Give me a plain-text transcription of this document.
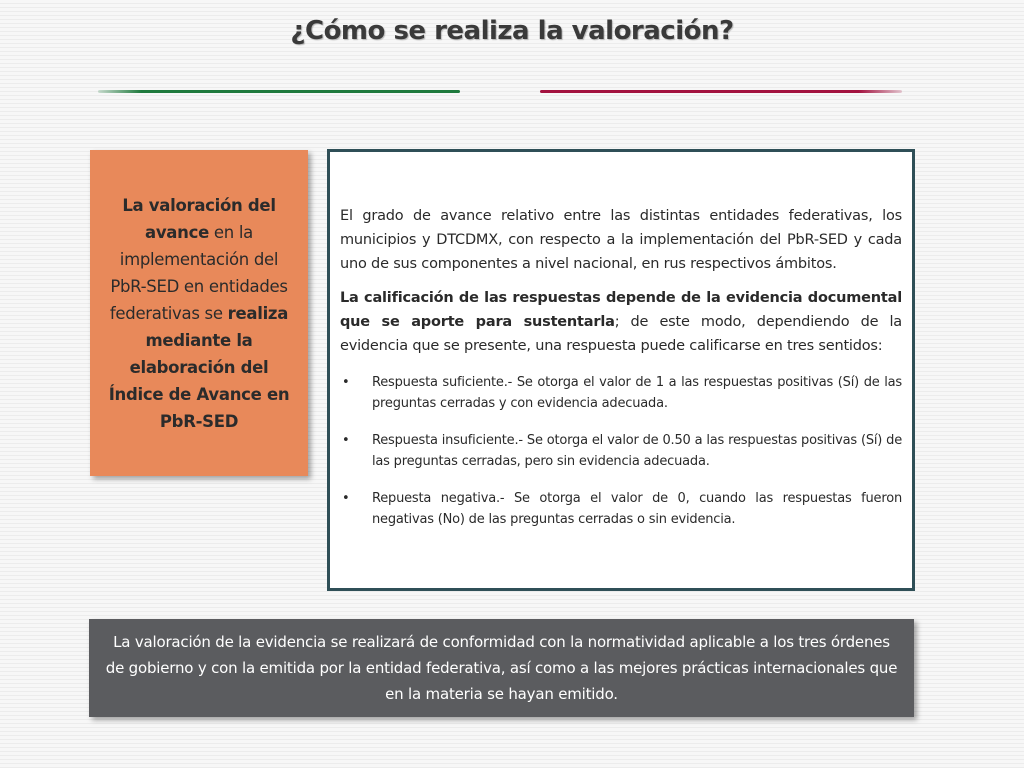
¿Cómo se realiza la valoración?
La valoración del avance en la implementación del PbR-SED en entidades federativas se realiza mediante la elaboración del Índice de Avance en PbR-SED

El grado de avance relativo entre las distintas entidades federativas, los municipios y DTCDMX, con respecto a la implementación del PbR-SED y cada uno de sus componentes a nivel nacional, en rus respectivos ámbitos.

La calificación de las respuestas depende de la evidencia documental que se aporte para sustentarla; de este modo, dependiendo de la evidencia que se presente, una respuesta puede calificarse en tres sentidos:

• Respuesta suficiente.- Se otorga el valor de 1 a las respuestas positivas (Sí) de las preguntas cerradas y con evidencia adecuada.
• Respuesta insuficiente.- Se otorga el valor de 0.50 a las respuestas positivas (Sí) de las preguntas cerradas, pero sin evidencia adecuada.
• Repuesta negativa.- Se otorga el valor de 0, cuando las respuestas fueron negativas (No) de las preguntas cerradas o sin evidencia.
La valoración de la evidencia se realizará de conformidad con la normatividad aplicable a los tres órdenes de gobierno y con la emitida por la entidad federativa, así como a las mejores prácticas internacionales que en la materia se hayan emitido.
